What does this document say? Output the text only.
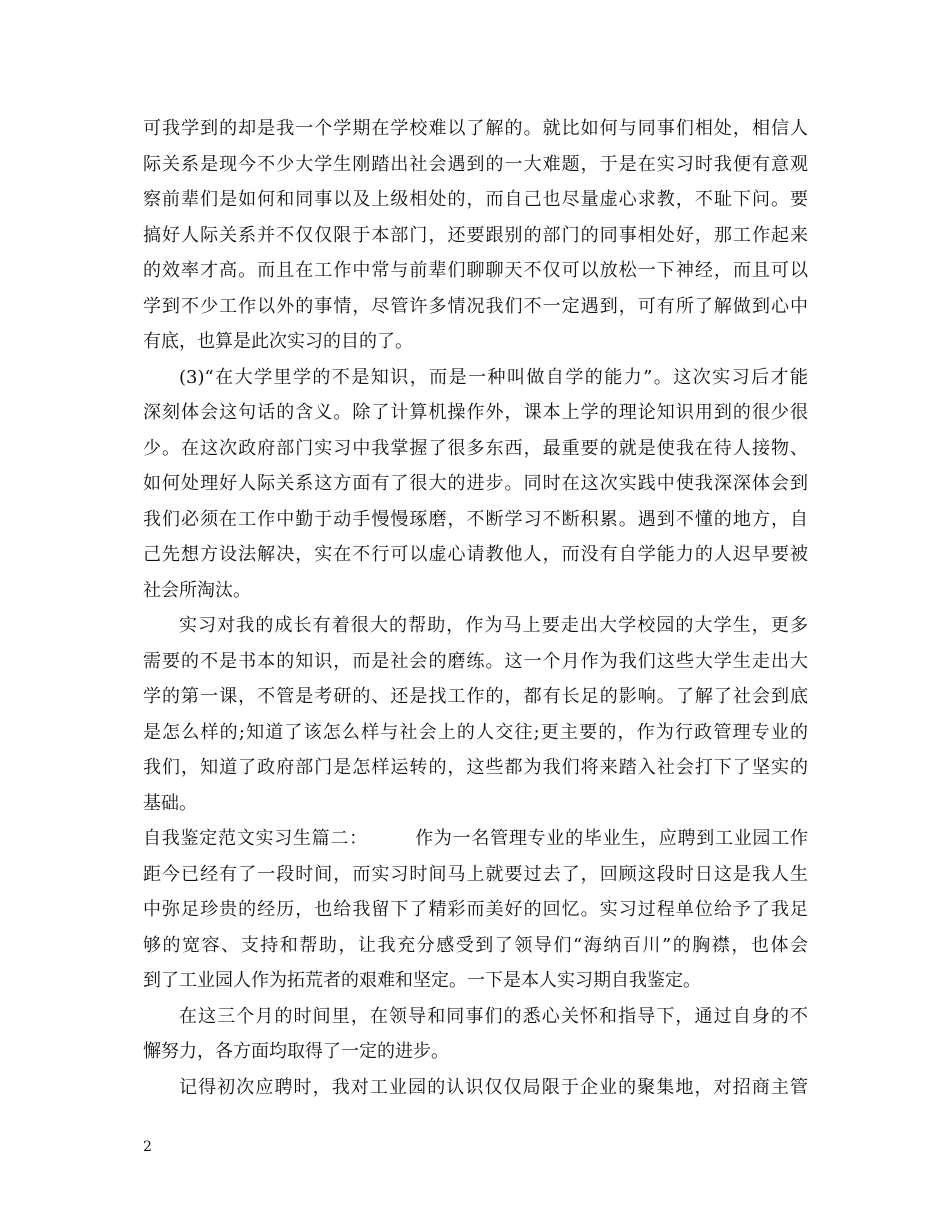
可我学到的却是我一个学期在学校难以了解的。就比如何与同事们相处，相信人
际关系是现今不少大学生刚踏出社会遇到的一大难题，于是在实习时我便有意观
察前辈们是如何和同事以及上级相处的，而自己也尽量虚心求教，不耻下问。要
搞好人际关系并不仅仅限于本部门，还要跟别的部门的同事相处好，那工作起来
的效率才高。而且在工作中常与前辈们聊聊天不仅可以放松一下神经，而且可以
学到不少工作以外的事情，尽管许多情况我们不一定遇到，可有所了解做到心中
有底，也算是此次实习的目的了。
(3)“在大学里学的不是知识，而是一种叫做自学的能力”。这次实习后才能
深刻体会这句话的含义。除了计算机操作外，课本上学的理论知识用到的很少很
少。在这次政府部门实习中我掌握了很多东西，最重要的就是使我在待人接物、
如何处理好人际关系这方面有了很大的进步。同时在这次实践中使我深深体会到
我们必须在工作中勤于动手慢慢琢磨，不断学习不断积累。遇到不懂的地方，自
己先想方设法解决，实在不行可以虚心请教他人，而没有自学能力的人迟早要被
社会所淘汰。
实习对我的成长有着很大的帮助，作为马上要走出大学校园的大学生，更多
需要的不是书本的知识，而是社会的磨练。这一个月作为我们这些大学生走出大
学的第一课，不管是考研的、还是找工作的，都有长足的影响。了解了社会到底
是怎么样的;知道了该怎么样与社会上的人交往;更主要的，作为行政管理专业的
我们，知道了政府部门是怎样运转的，这些都为我们将来踏入社会打下了坚实的
基础。
自我鉴定范文实习生篇二：　　　作为一名管理专业的毕业生，应聘到工业园工作
距今已经有了一段时间，而实习时间马上就要过去了，回顾这段时日这是我人生
中弥足珍贵的经历，也给我留下了精彩而美好的回忆。实习过程单位给予了我足
够的宽容、支持和帮助，让我充分感受到了领导们“海纳百川”的胸襟，也体会
到了工业园人作为拓荒者的艰难和坚定。一下是本人实习期自我鉴定。
在这三个月的时间里，在领导和同事们的悉心关怀和指导下，通过自身的不
懈努力，各方面均取得了一定的进步。
记得初次应聘时，我对工业园的认识仅仅局限于企业的聚集地，对招商主管
2
